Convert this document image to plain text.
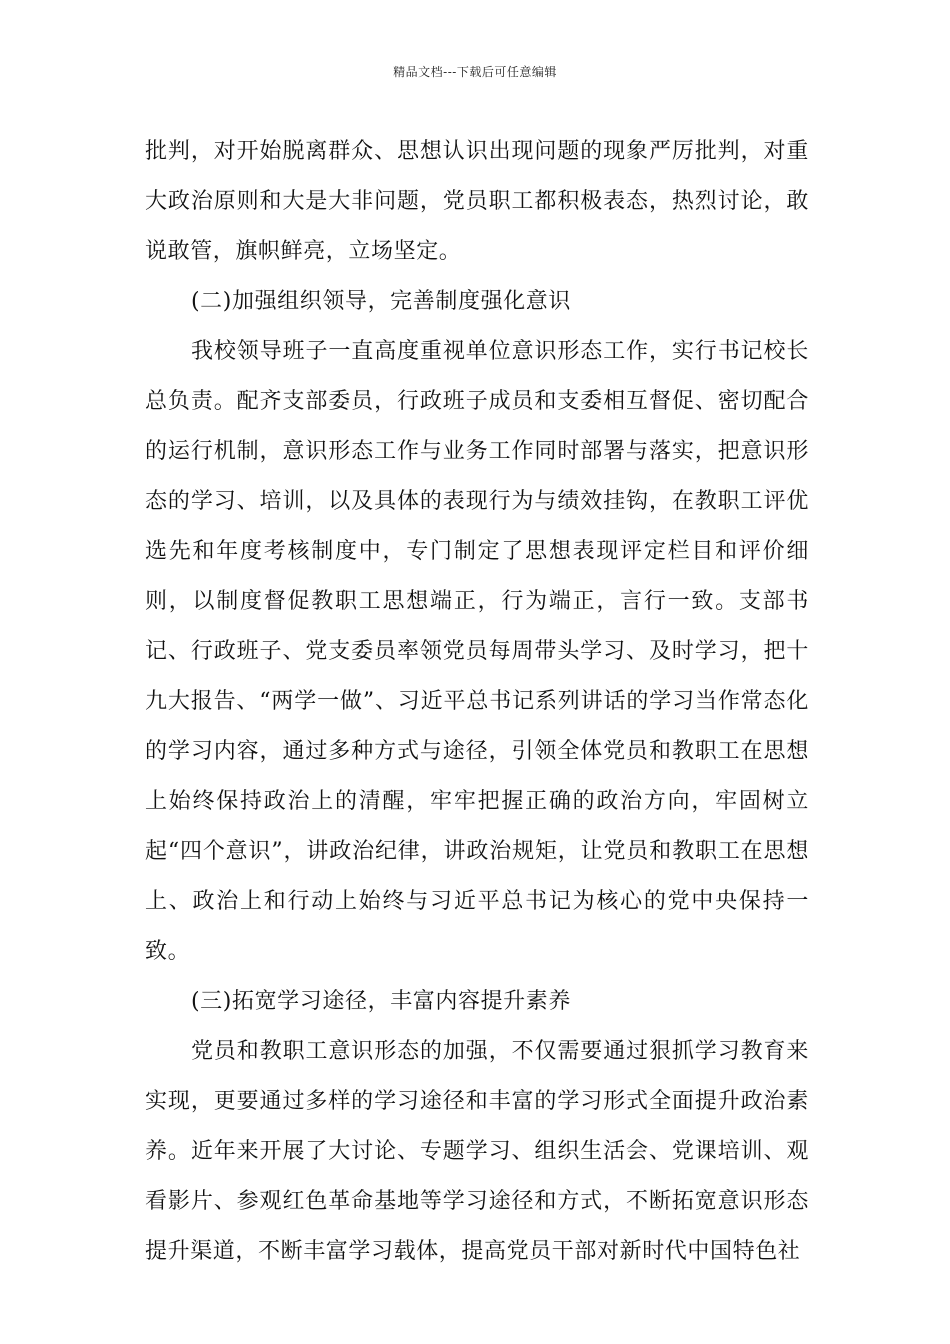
精品文档---下载后可任意编辑

批判，对开始脱离群众、思想认识出现问题的现象严厉批判，对重大政治原则和大是大非问题，党员职工都积极表态，热烈讨论，敢说敢管，旗帜鲜亮，立场坚定。

(二)加强组织领导，完善制度强化意识

我校领导班子一直高度重视单位意识形态工作，实行书记校长总负责。配齐支部委员，行政班子成员和支委相互督促、密切配合的运行机制，意识形态工作与业务工作同时部署与落实，把意识形态的学习、培训，以及具体的表现行为与绩效挂钩，在教职工评优选先和年度考核制度中，专门制定了思想表现评定栏目和评价细则，以制度督促教职工思想端正，行为端正，言行一致。支部书记、行政班子、党支委员率领党员每周带头学习、及时学习，把十九大报告、“两学一做”、习近平总书记系列讲话的学习当作常态化的学习内容，通过多种方式与途径，引领全体党员和教职工在思想上始终保持政治上的清醒，牢牢把握正确的政治方向，牢固树立起“四个意识”，讲政治纪律，讲政治规矩，让党员和教职工在思想上、政治上和行动上始终与习近平总书记为核心的党中央保持一致。

(三)拓宽学习途径，丰富内容提升素养

党员和教职工意识形态的加强，不仅需要通过狠抓学习教育来实现，更要通过多样的学习途径和丰富的学习形式全面提升政治素养。近年来开展了大讨论、专题学习、组织生活会、党课培训、观看影片、参观红色革命基地等学习途径和方式，不断拓宽意识形态提升渠道，不断丰富学习载体，提高党员干部对新时代中国特色社
